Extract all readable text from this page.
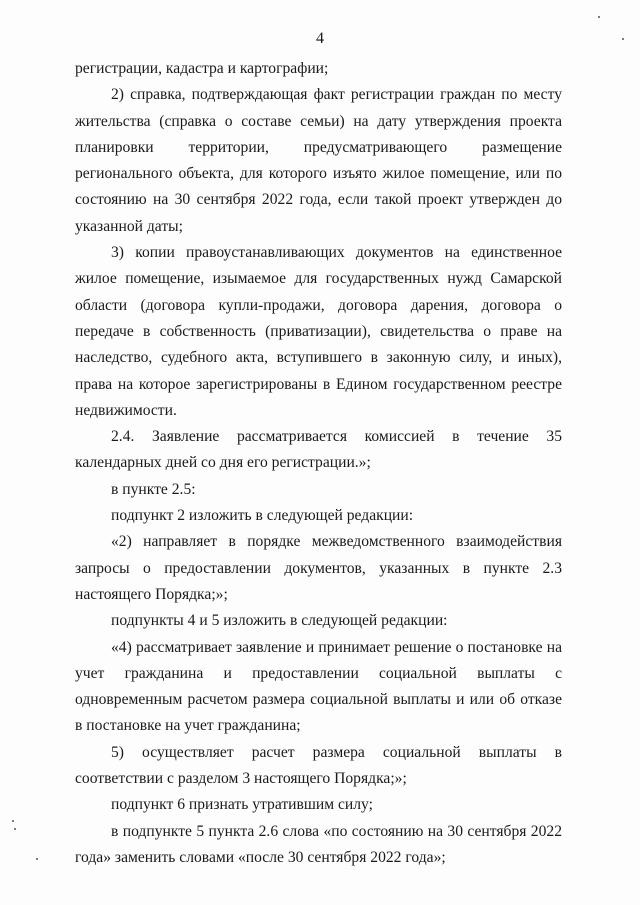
4

регистрации, кадастра и картографии;

2) справка, подтверждающая факт регистрации граждан по месту жительства (справка о составе семьи) на дату утверждения проекта планировки территории, предусматривающего размещение регионального объекта, для которого изъято жилое помещение, или по состоянию на 30 сентября 2022 года, если такой проект утвержден до указанной даты;

3) копии правоустанавливающих документов на единственное жилое помещение, изымаемое для государственных нужд Самарской области (договора купли-продажи, договора дарения, договора о передаче в собственность (приватизации), свидетельства о праве на наследство, судебного акта, вступившего в законную силу, и иных), права на которое зарегистрированы в Едином государственном реестре недвижимости.

2.4. Заявление рассматривается комиссией в течение 35 календарных дней со дня его регистрации.»;

в пункте 2.5:

подпункт 2 изложить в следующей редакции:

«2) направляет в порядке межведомственного взаимодействия запросы о предоставлении документов, указанных в пункте 2.3 настоящего Порядка;»;

подпункты 4 и 5 изложить в следующей редакции:

«4) рассматривает заявление и принимает решение о постановке на учет гражданина и предоставлении социальной выплаты с одновременным расчетом размера социальной выплаты и или об отказе в постановке на учет гражданина;

5) осуществляет расчет размера социальной выплаты в соответствии с разделом 3 настоящего Порядка;»;

подпункт 6 признать утратившим силу;

в подпункте 5 пункта 2.6 слова «по состоянию на 30 сентября 2022 года» заменить словами «после 30 сентября 2022 года»;
